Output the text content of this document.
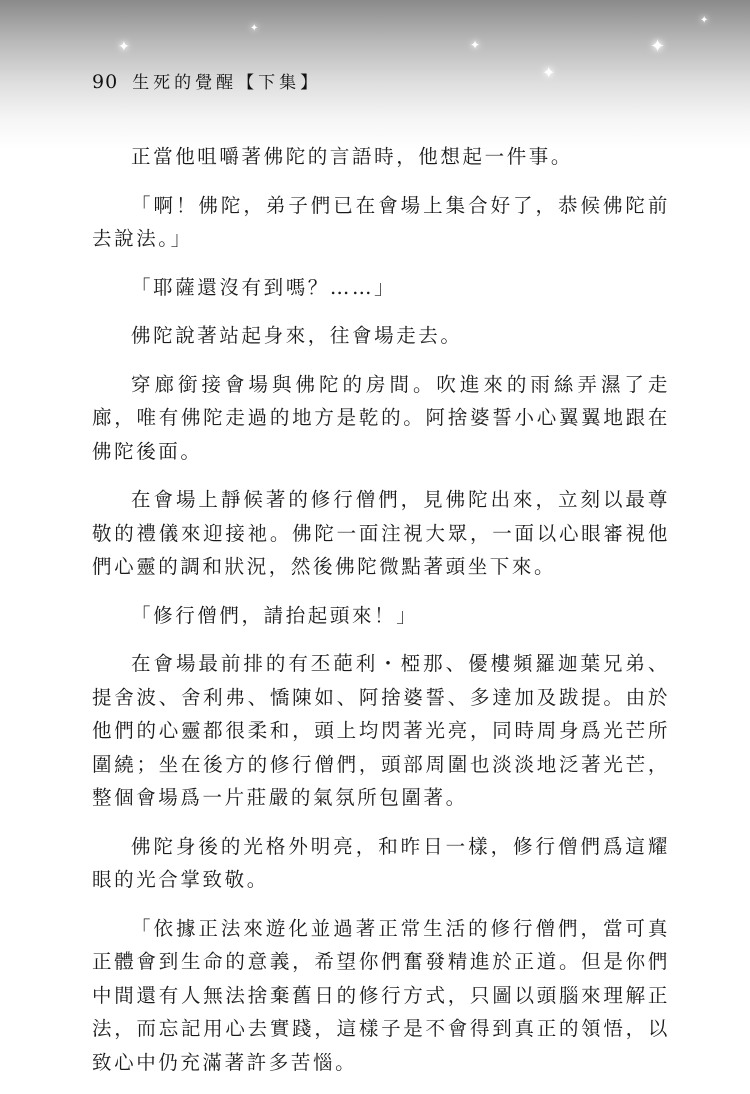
✦
✦
✦
✦
✦
✦
90 生死的覺醒【下集】

正當他咀嚼著佛陀的言語時，他想起一件事。

「啊！佛陀，弟子們已在會場上集合好了，恭候佛陀前去說法。」

「耶薩還沒有到嗎？……」

佛陀說著站起身來，往會場走去。

穿廊銜接會場與佛陀的房間。吹進來的雨絲弄濕了走廊，唯有佛陀走過的地方是乾的。阿捨婆誓小心翼翼地跟在佛陀後面。

在會場上靜候著的修行僧們，見佛陀出來，立刻以最尊敬的禮儀來迎接祂。佛陀一面注視大眾，一面以心眼審視他們心靈的調和狀況，然後佛陀微點著頭坐下來。

「修行僧們，請抬起頭來！」

在會場最前排的有丕葩利・椏那、優樓頻羅迦葉兄弟、提舍波、舍利弗、憍陳如、阿捨婆誓、多達加及跋提。由於他們的心靈都很柔和，頭上均閃著光亮，同時周身爲光芒所圍繞；坐在後方的修行僧們，頭部周圍也淡淡地泛著光芒，整個會場爲一片莊嚴的氣氛所包圍著。

佛陀身後的光格外明亮，和昨日一樣，修行僧們爲這耀眼的光合掌致敬。

「依據正法來遊化並過著正常生活的修行僧們，當可真正體會到生命的意義，希望你們奮發精進於正道。但是你們中間還有人無法捨棄舊日的修行方式，只圖以頭腦來理解正法，而忘記用心去實踐，這樣子是不會得到真正的領悟，以致心中仍充滿著許多苦惱。
